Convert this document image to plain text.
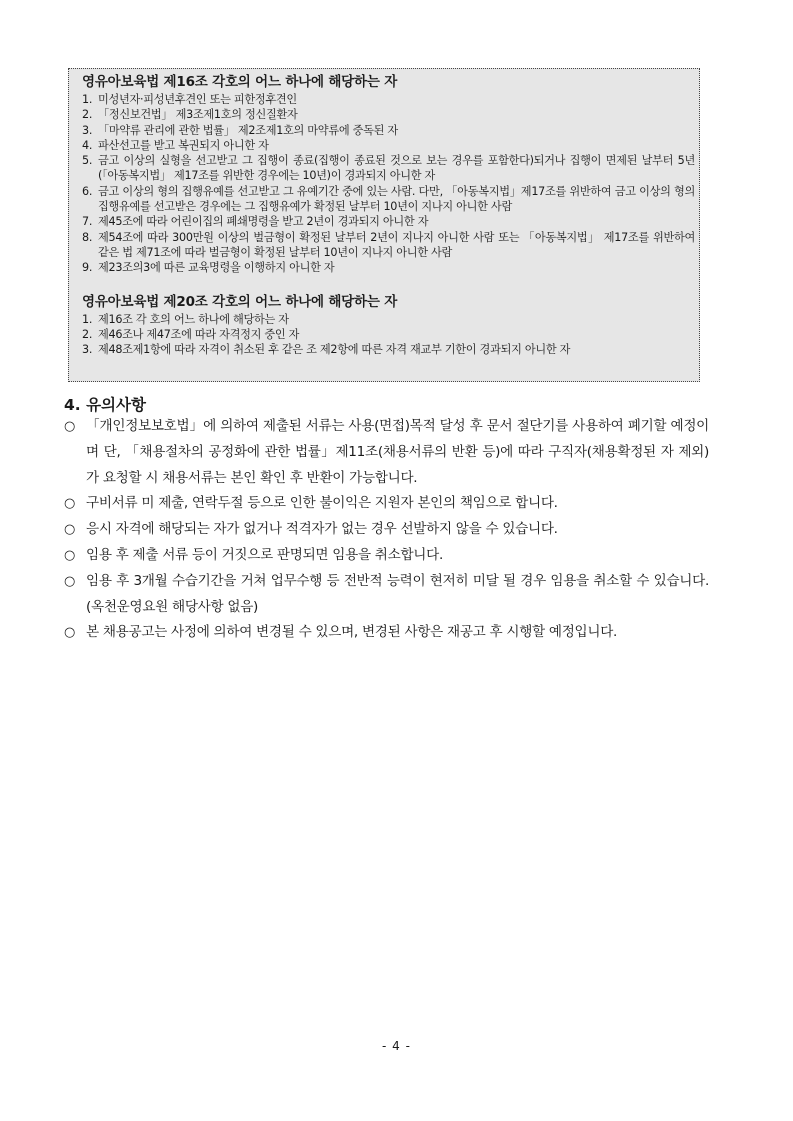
영유아보육법 제16조 각호의 어느 하나에 해당하는 자

1. 미성년자·피성년후견인 또는 피한정후견인
2. 「정신보건법」 제3조제1호의 정신질환자
3. 「마약류 관리에 관한 법률」 제2조제1호의 마약류에 중독된 자
4. 파산선고를 받고 복권되지 아니한 자
5. 금고 이상의 실형을 선고받고 그 집행이 종료(집행이 종료된 것으로 보는 경우를 포함한다)되거나 집행이 면제된 날부터 5년(「아동복지법」 제17조를 위반한 경우에는 10년)이 경과되지 아니한 자
6. 금고 이상의 형의 집행유예를 선고받고 그 유예기간 중에 있는 사람. 다만, 「아동복지법」제17조를 위반하여 금고 이상의 형의 집행유예를 선고받은 경우에는 그 집행유예가 확정된 날부터 10년이 지나지 아니한 사람
7. 제45조에 따라 어린이집의 폐쇄명령을 받고 2년이 경과되지 아니한 자
8. 제54조에 따라 300만원 이상의 벌금형이 확정된 날부터 2년이 지나지 아니한 사람 또는 「아동복지법」 제17조를 위반하여 같은 법 제71조에 따라 벌금형이 확정된 날부터 10년이 지나지 아니한 사람
9. 제23조의3에 따른 교육명령을 이행하지 아니한 자

영유아보육법 제20조 각호의 어느 하나에 해당하는 자

1. 제16조 각 호의 어느 하나에 해당하는 자
2. 제46조나 제47조에 따라 자격정지 중인 자
3. 제48조제1항에 따라 자격이 취소된 후 같은 조 제2항에 따른 자격 재교부 기한이 경과되지 아니한 자
4. 유의사항
○ 「개인정보보호법」에 의하여 제출된 서류는 사용(면접)목적 달성 후 문서 절단기를 사용하여 폐기할 예정이며 단, 「채용절차의 공정화에 관한 법률」제11조(채용서류의 반환 등)에 따라 구직자(채용확정된 자 제외)가 요청할 시 채용서류는 본인 확인 후 반환이 가능합니다.
○ 구비서류 미 제출, 연락두절 등으로 인한 불이익은 지원자 본인의 책임으로 합니다.
○ 응시 자격에 해당되는 자가 없거나 적격자가 없는 경우 선발하지 않을 수 있습니다.
○ 임용 후 제출 서류 등이 거짓으로 판명되면 임용을 취소합니다.
○ 임용 후 3개월 수습기간을 거쳐 업무수행 등 전반적 능력이 현저히 미달 될 경우 임용을 취소할 수 있습니다. (옥천운영요원 해당사항 없음)
○ 본 채용공고는 사정에 의하여 변경될 수 있으며, 변경된 사항은 재공고 후 시행할 예정입니다.
- 4 -
